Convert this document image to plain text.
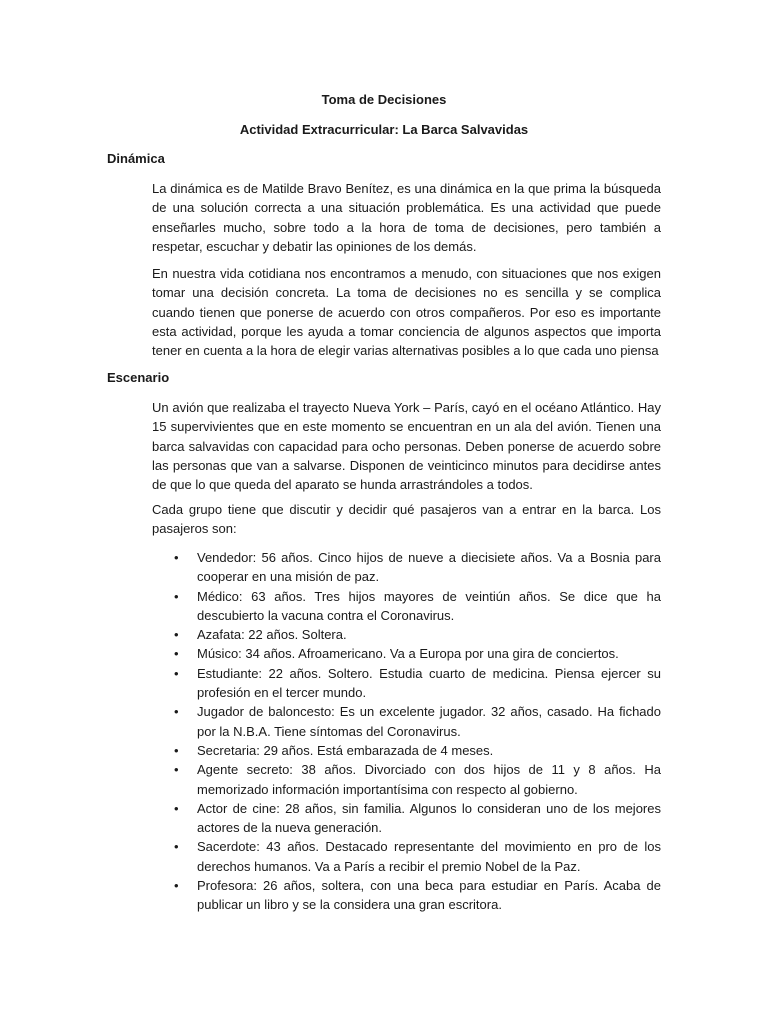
Toma de Decisiones
Actividad Extracurricular: La Barca Salvavidas
Dinámica

La dinámica es de Matilde Bravo Benítez, es una dinámica en la que prima la búsqueda de una solución correcta a una situación problemática. Es una actividad que puede enseñarles mucho, sobre todo a la hora de toma de decisiones, pero también a respetar, escuchar y debatir las opiniones de los demás.

En nuestra vida cotidiana nos encontramos a menudo, con situaciones que nos exigen tomar una decisión concreta. La toma de decisiones no es sencilla y se complica cuando tienen que ponerse de acuerdo con otros compañeros. Por eso es importante esta actividad, porque les ayuda a tomar conciencia de algunos aspectos que importa tener en cuenta a la hora de elegir varias alternativas posibles a lo que cada uno piensa

Escenario

Un avión que realizaba el trayecto Nueva York – París, cayó en el océano Atlántico. Hay 15 supervivientes que en este momento se encuentran en un ala del avión. Tienen una barca salvavidas con capacidad para ocho personas. Deben ponerse de acuerdo sobre las personas que van a salvarse. Disponen de veinticinco minutos para decidirse antes de que lo que queda del aparato se hunda arrastrándoles a todos.

Cada grupo tiene que discutir y decidir qué pasajeros van a entrar en la barca. Los pasajeros son:

• Vendedor: 56 años. Cinco hijos de nueve a diecisiete años. Va a Bosnia para cooperar en una misión de paz.
• Médico: 63 años. Tres hijos mayores de veintiún años. Se dice que ha descubierto la vacuna contra el Coronavirus.
• Azafata: 22 años. Soltera.
• Músico: 34 años. Afroamericano. Va a Europa por una gira de conciertos.
• Estudiante: 22 años. Soltero. Estudia cuarto de medicina. Piensa ejercer su profesión en el tercer mundo.
• Jugador de baloncesto: Es un excelente jugador. 32 años, casado. Ha fichado por la N.B.A. Tiene síntomas del Coronavirus.
• Secretaria: 29 años. Está embarazada de 4 meses.
• Agente secreto: 38 años. Divorciado con dos hijos de 11 y 8 años. Ha memorizado información importantísima con respecto al gobierno.
• Actor de cine: 28 años, sin familia. Algunos lo consideran uno de los mejores actores de la nueva generación.
• Sacerdote: 43 años. Destacado representante del movimiento en pro de los derechos humanos. Va a París a recibir el premio Nobel de la Paz.
• Profesora: 26 años, soltera, con una beca para estudiar en París. Acaba de publicar un libro y se la considera una gran escritora.
